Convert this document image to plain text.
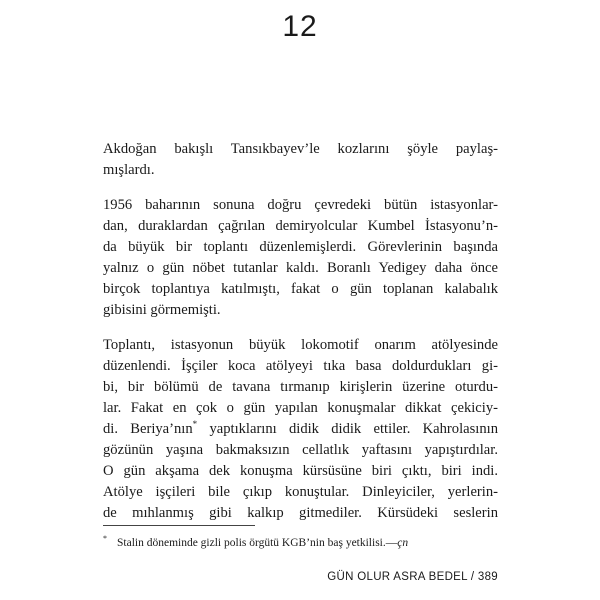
12

Akdoğan bakışlı Tansıkbayev’le kozlarını şöyle paylaş-
mışlardı.

1956 baharının sonuna doğru çevredeki bütün istasyonlar-
dan, duraklardan çağrılan demiryolcular Kumbel İstasyonu’n-
da büyük bir toplantı düzenlemişlerdi. Görevlerinin başında
yalnız o gün nöbet tutanlar kaldı. Boranlı Yedigey daha önce
birçok toplantıya katılmıştı, fakat o gün toplanan kalabalık
gibisini görmemişti.

Toplantı, istasyonun büyük lokomotif onarım atölyesinde
düzenlendi. İşçiler koca atölyeyi tıka basa doldurdukları gi-
bi, bir bölümü de tavana tırmanıp kirişlerin üzerine oturdu-
lar. Fakat en çok o gün yapılan konuşmalar dikkat çekiciy-
di. Beriya’nın* yaptıklarını didik didik ettiler. Kahrolasının
gözünün yaşına bakmaksızın cellatlık yaftasını yapıştırdılar.
O gün akşama dek konuşma kürsüsüne biri çıktı, biri indi.
Atölye işçileri bile çıkıp konuştular. Dinleyiciler, yerlerin-
de mıhlanmış gibi kalkıp gitmediler. Kürsüdeki seslerin

* Stalin döneminde gizli polis örgütü KGB’nin baş yetkilisi.—çn
GÜN OLUR ASRA BEDEL / 389
